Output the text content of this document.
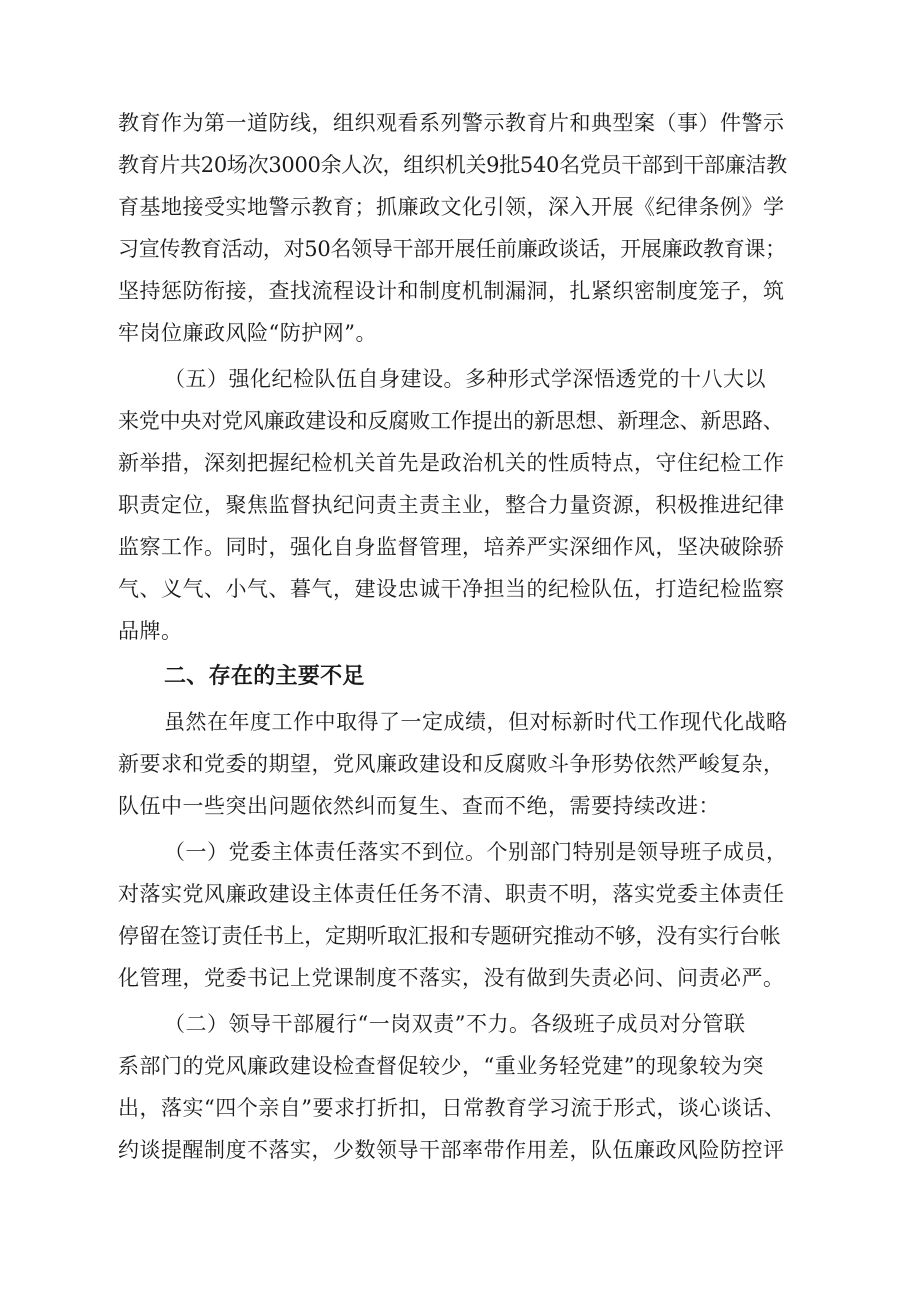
教育作为第一道防线，组织观看系列警示教育片和典型案（事）件警示
教育片共20场次3000余人次，组织机关9批540名党员干部到干部廉洁教
育基地接受实地警示教育；抓廉政文化引领，深入开展《纪律条例》学
习宣传教育活动，对50名领导干部开展任前廉政谈话，开展廉政教育课；
坚持惩防衔接，查找流程设计和制度机制漏洞，扎紧织密制度笼子，筑
牢岗位廉政风险“防护网”。
（五）强化纪检队伍自身建设。多种形式学深悟透党的十八大以
来党中央对党风廉政建设和反腐败工作提出的新思想、新理念、新思路、
新举措，深刻把握纪检机关首先是政治机关的性质特点，守住纪检工作
职责定位，聚焦监督执纪问责主责主业，整合力量资源，积极推进纪律
监察工作。同时，强化自身监督管理，培养严实深细作风，坚决破除骄
气、义气、小气、暮气，建设忠诚干净担当的纪检队伍，打造纪检监察
品牌。
二、存在的主要不足
虽然在年度工作中取得了一定成绩，但对标新时代工作现代化战略
新要求和党委的期望，党风廉政建设和反腐败斗争形势依然严峻复杂，
队伍中一些突出问题依然纠而复生、查而不绝，需要持续改进：
（一）党委主体责任落实不到位。个别部门特别是领导班子成员，
对落实党风廉政建设主体责任任务不清、职责不明，落实党委主体责任
停留在签订责任书上，定期听取汇报和专题研究推动不够，没有实行台帐
化管理，党委书记上党课制度不落实，没有做到失责必问、问责必严。
（二）领导干部履行“一岗双责”不力。各级班子成员对分管联
系部门的党风廉政建设检查督促较少，“重业务轻党建”的现象较为突
出，落实“四个亲自”要求打折扣，日常教育学习流于形式，谈心谈话、
约谈提醒制度不落实，少数领导干部率带作用差，队伍廉政风险防控评
